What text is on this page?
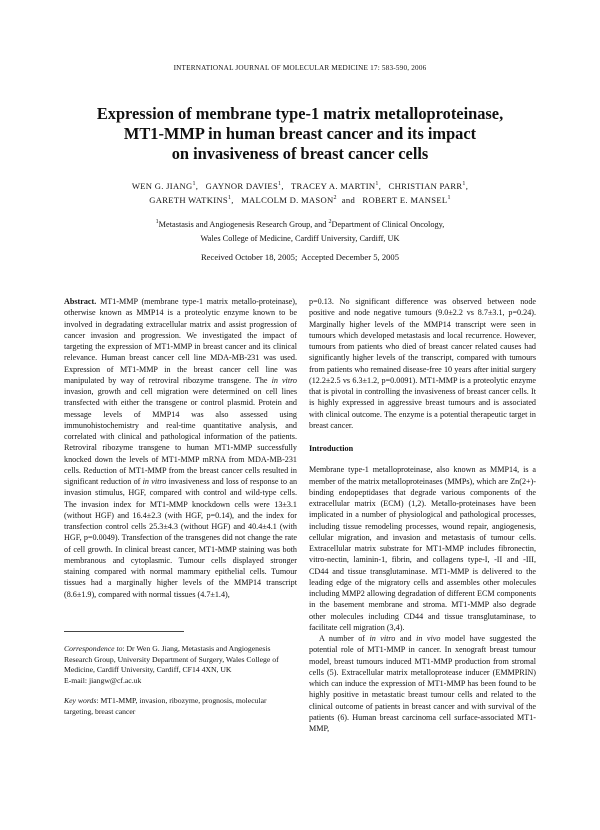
INTERNATIONAL JOURNAL OF MOLECULAR MEDICINE 17: 583-590, 2006
Expression of membrane type-1 matrix metalloproteinase,
MT1-MMP in human breast cancer and its impact
on invasiveness of breast cancer cells
WEN G. JIANG$^1$,   GAYNOR DAVIES$^1$,   TRACEY A. MARTIN$^1$,   CHRISTIAN PARR$^1$,
GARETH WATKINS$^1$,   MALCOLM D. MASON$^2$  and   ROBERT E. MANSEL$^1$
$^1$Metastasis and Angiogenesis Research Group, and $^2$Department of Clinical Oncology,
Wales College of Medicine, Cardiff University, Cardiff, UK
Received October 18, 2005;  Accepted December 5, 2005

Abstract. MT1-MMP (membrane type-1 matrix metallo-proteinase), otherwise known as MMP14 is a proteolytic enzyme known to be involved in degradating extracellular matrix and assist progression of cancer invasion and progression. We investigated the impact of targeting the expression of MT1-MMP in breast cancer and its clinical relevance. Human breast cancer cell line MDA-MB-231 was used. Expression of MT1-MMP in the breast cancer cell line was manipulated by way of retroviral ribozyme transgene. The in vitro invasion, growth and cell migration were determined on cell lines transfected with either the transgene or control plasmid. Protein and message levels of MMP14 was also assessed using immunohistochemistry and real-time quantitative analysis, and correlated with clinical and pathological information of the patients. Retroviral ribozyme transgene to human MT1-MMP successfully knocked down the levels of MT1-MMP mRNA from MDA-MB-231 cells. Reduction of MT1-MMP from the breast cancer cells resulted in significant reduction of in vitro invasiveness and loss of response to an invasion stimulus, HGF, compared with control and wild-type cells. The invasion index for MT1-MMP knockdown cells were 13±3.1 (without HGF) and 16.4±2.3 (with HGF, p=0.14), and the index for transfection control cells 25.3±4.3 (without HGF) and 40.4±4.1 (with HGF, p=0.0049). Transfection of the transgenes did not change the rate of cell growth. In clinical breast cancer, MT1-MMP staining was both membranous and cytoplasmic. Tumour cells displayed stronger staining compared with normal mammary epithelial cells. Tumour tissues had a marginally higher levels of the MMP14 transcript (8.6±1.9), compared with normal tissues (4.7±1.4),

p=0.13. No significant difference was observed between node positive and node negative tumours (9.0±2.2 vs 8.7±3.1, p=0.24). Marginally higher levels of the MMP14 transcript were seen in tumours which developed metastasis and local recurrence. However, tumours from patients who died of breast cancer related causes had significantly higher levels of the transcript, compared with tumours from patients who remained disease-free 10 years after initial surgery (12.2±2.5 vs 6.3±1.2, p=0.0091). MT1-MMP is a proteolytic enzyme that is pivotal in controlling the invasiveness of breast cancer cells. It is highly expressed in aggressive breast tumours and is associated with clinical outcome. The enzyme is a potential therapeutic target in breast cancer.

Introduction

Membrane type-1 metalloproteinase, also known as MMP14, is a member of the matrix metalloproteinases (MMPs), which are Zn(2+)-binding endopeptidases that degrade various components of the extracellular matrix (ECM) (1,2). Metallo-proteinases have been implicated in a number of physiological and pathological processes, including tissue remodeling processes, wound repair, angiogenesis, cellular migration, and invasion and metastasis of tumour cells. Extracellular matrix substrate for MT1-MMP includes fibronectin, vitro-nectin, laminin-1, fibrin, and collagens type-I, -II and -III, CD44 and tissue transglutaminase. MT1-MMP is delivered to the leading edge of the migratory cells and assembles other molecules including MMP2 allowing degradation of different ECM components in the basement membrane and stroma. MT1-MMP also degrade other molecules including CD44 and tissue transglutaminase, to facilitate cell migration (3,4).

A number of in vitro and in vivo model have suggested the potential role of MT1-MMP in cancer. In xenograft breast tumour model, breast tumours induced MT1-MMP production from stromal cells (5). Extracellular matrix metalloprotease inducer (EMMPRIN) which can induce the expression of MT1-MMP has been found to be highly positive in metastatic breast tumour cells and related to the clinical outcome of patients in breast cancer and with survival of the patients (6). Human breast carcinoma cell surface-associated MT1-MMP,

Correspondence to: Dr Wen G. Jiang, Metastasis and Angiogenesis Research Group, University Department of Surgery, Wales College of Medicine, Cardiff University, Cardiff, CF14 4XN, UK

E-mail: jiangw@cf.ac.uk

Key words: MT1-MMP, invasion, ribozyme, prognosis, molecular targeting, breast cancer
